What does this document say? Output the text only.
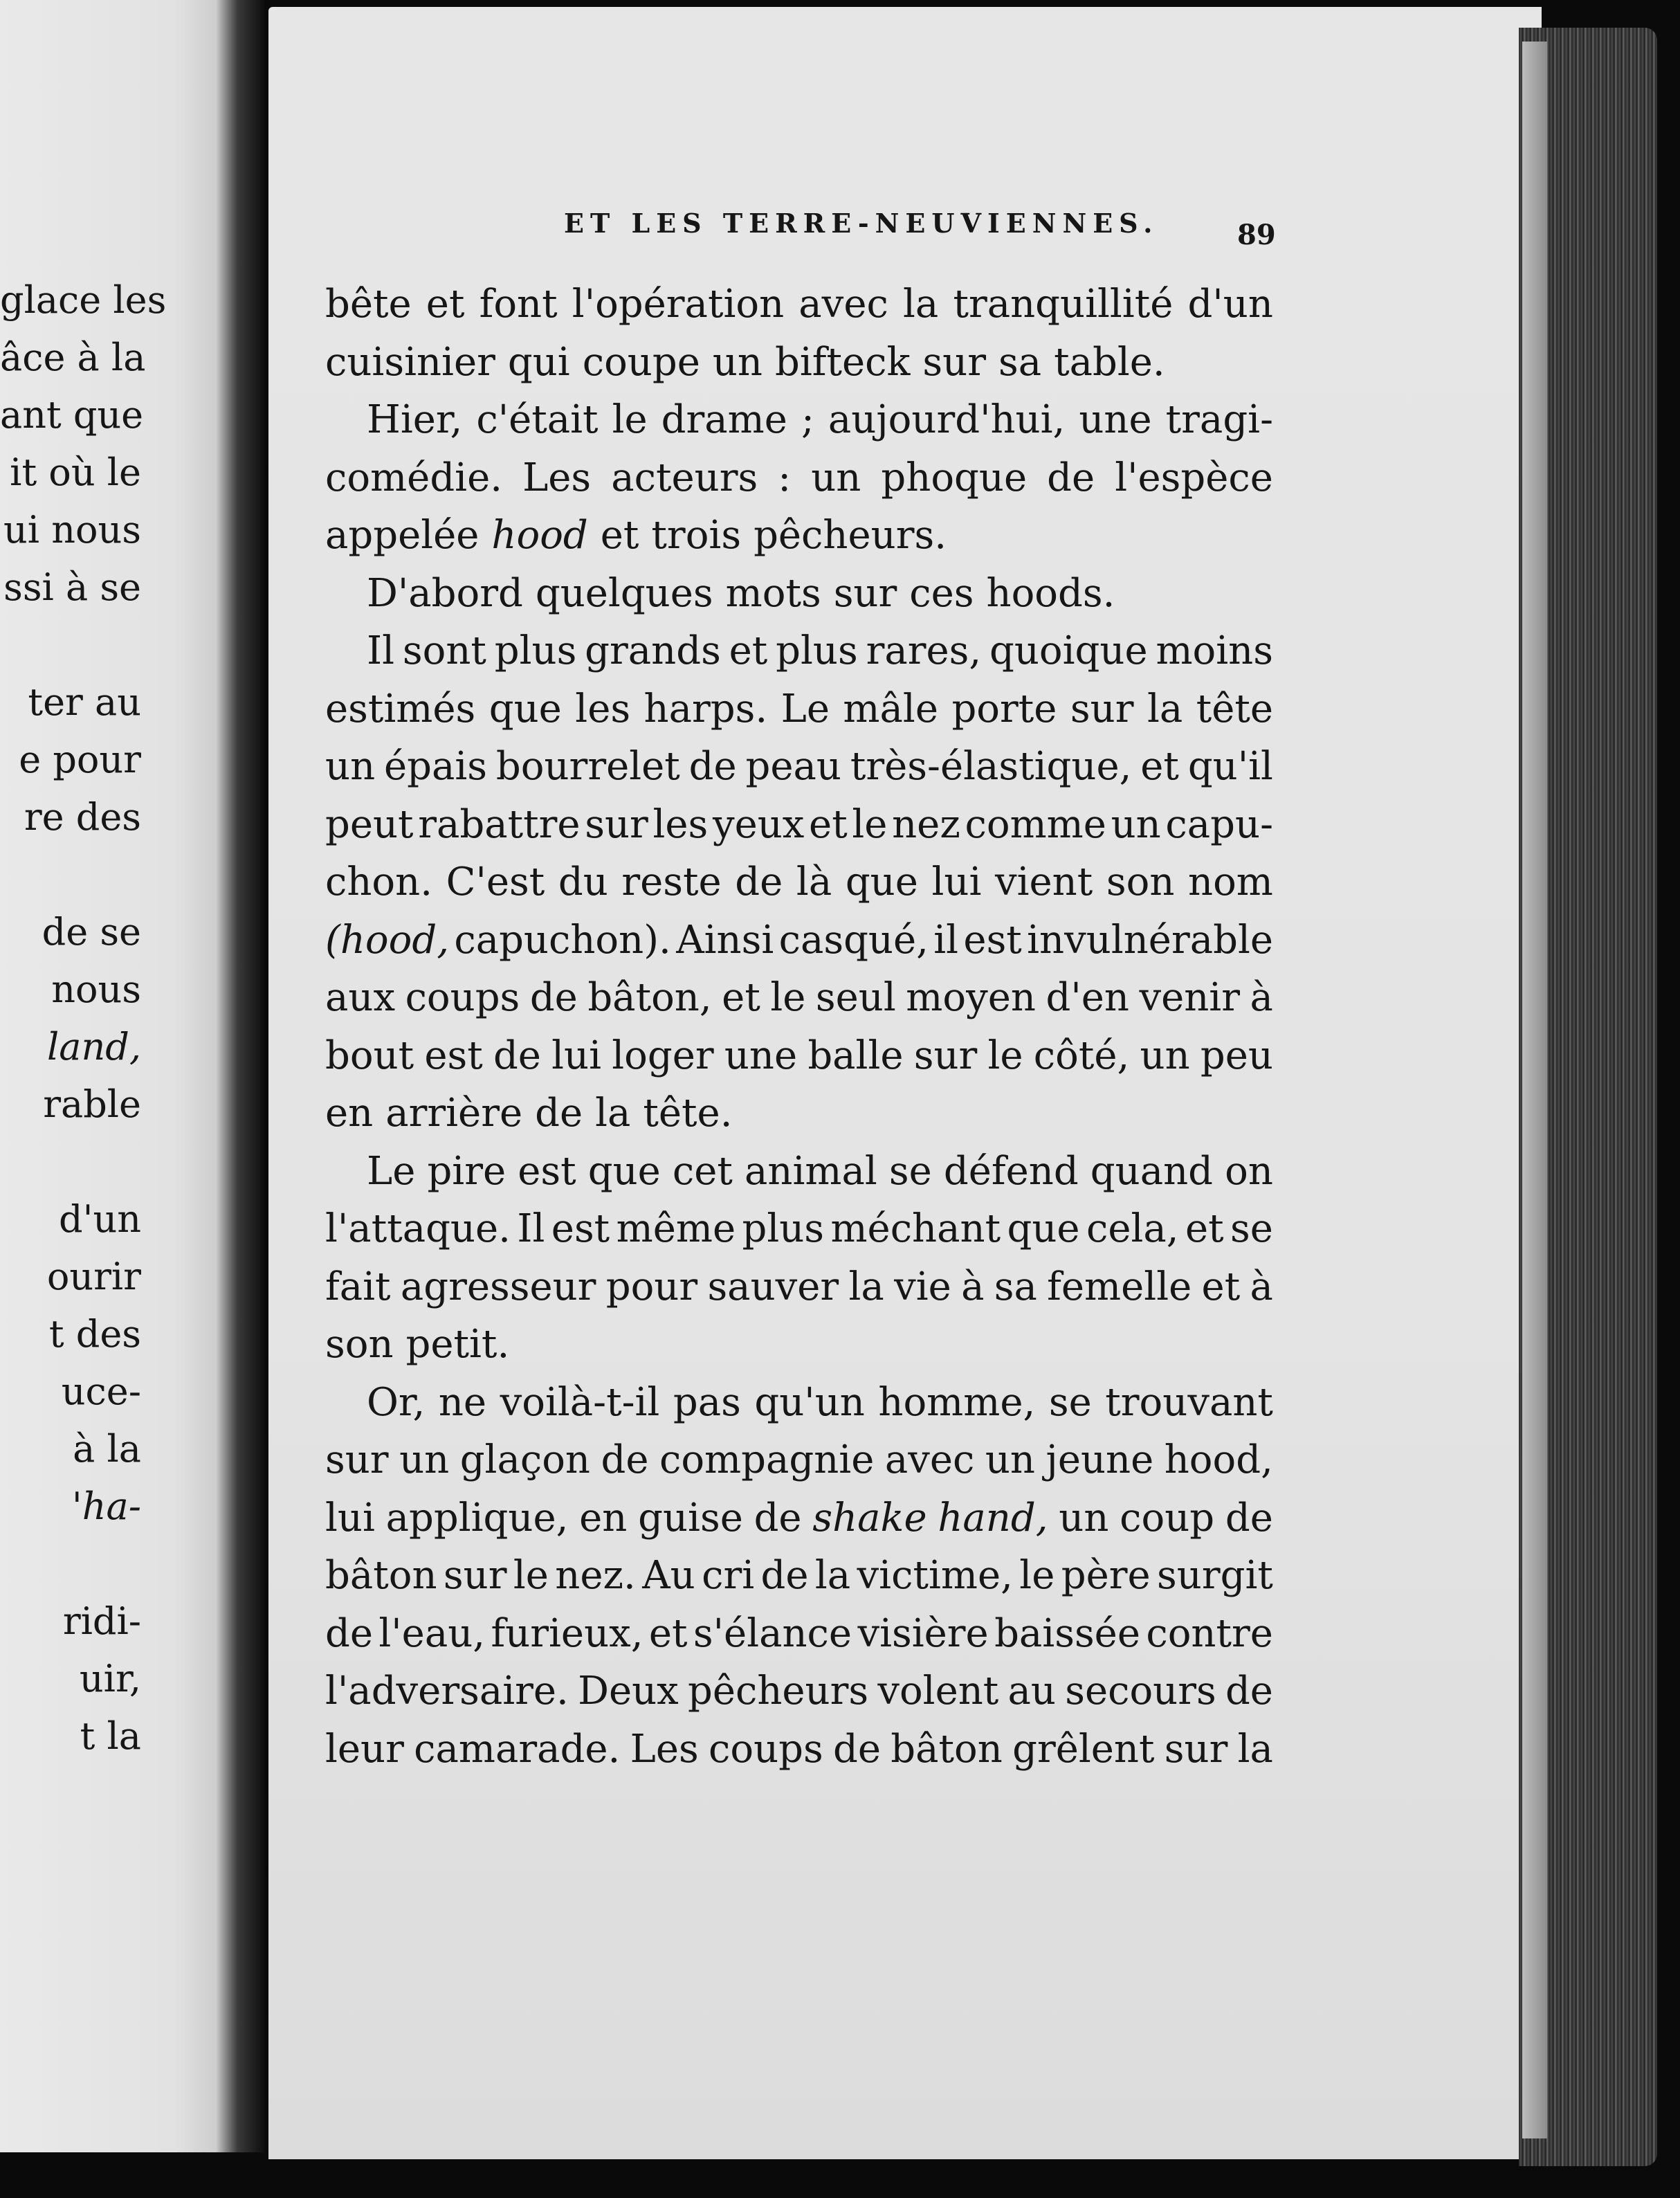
glace les
âce à la
ant que
it où le
ui nous
ssi à se
ter au
e pour
re des
de se
nous
land,
rable
d'un
ourir
t des
uce-
à la
'ha-
ridi-
uir,
t la
ET LES TERRE-NEUVIENNES.	89
bête et font l'opération avec la tranquillité d'un
cuisinier qui coupe un bifteck sur sa table.
Hier, c'était le drame ; aujourd'hui, une tragi-
comédie. Les acteurs : un phoque de l'espèce
appelée hood et trois pêcheurs.
D'abord quelques mots sur ces hoods.
Il sont plus grands et plus rares, quoique moins
estimés que les harps. Le mâle porte sur la tête
un épais bourrelet de peau très-élastique, et qu'il
peut rabattre sur les yeux et le nez comme un capu-
chon. C'est du reste de là que lui vient son nom
(hood, capuchon). Ainsi casqué, il est invulnérable
aux coups de bâton, et le seul moyen d'en venir à
bout est de lui loger une balle sur le côté, un peu
en arrière de la tête.
Le pire est que cet animal se défend quand on
l'attaque. Il est même plus méchant que cela, et se
fait agresseur pour sauver la vie à sa femelle et à
son petit.
Or, ne voilà-t-il pas qu'un homme, se trouvant
sur un glaçon de compagnie avec un jeune hood,
lui applique, en guise de shake hand, un coup de
bâton sur le nez. Au cri de la victime, le père surgit
de l'eau, furieux, et s'élance visière baissée contre
l'adversaire. Deux pêcheurs volent au secours de
leur camarade. Les coups de bâton grêlent sur la
